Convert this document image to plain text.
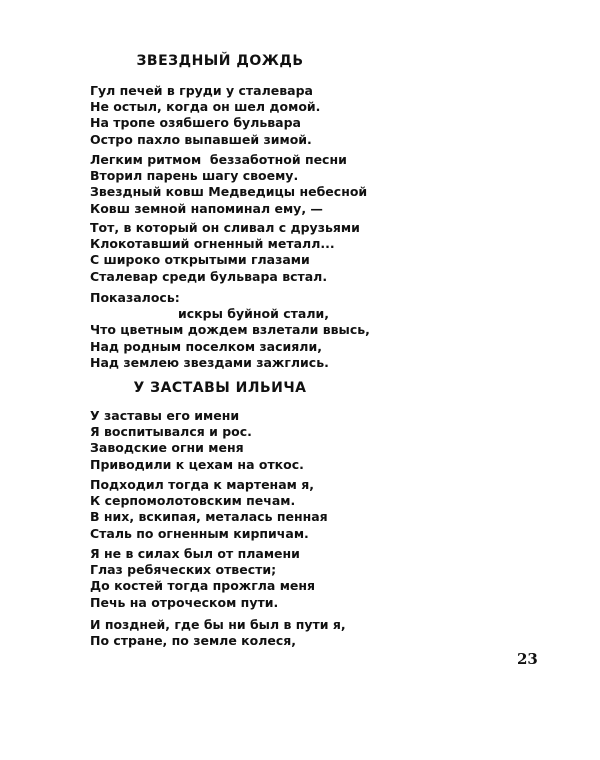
ЗВЕЗДНЫЙ ДОЖДЬ

Гул печей в груди у сталевара
Не остыл, когда он шел домой.
На тропе озябшего бульвара
Остро пахло выпавшей зимой.

Легким ритмом  беззаботной песни
Вторил парень шагу своему.
Звездный ковш Медведицы небесной
Ковш земной напоминал ему, —

Тот, в который он сливал с друзьями
Клокотавший огненный металл...
С широко открытыми глазами
Сталевар среди бульвара встал.

Показалось:
искры буйной стали,
Что цветным дождем взлетали ввысь,
Над родным поселком засияли,
Над землею звездами зажглись.

У ЗАСТАВЫ ИЛЬИЧА

У заставы его имени
Я воспитывался и рос.
Заводские огни меня
Приводили к цехам на откос.

Подходил тогда к мартенам я,
К серпомолотовским печам.
В них, вскипая, металась пенная
Сталь по огненным кирпичам.

Я не в силах был от пламени
Глаз ребяческих отвести;
До костей тогда прожгла меня
Печь на отроческом пути.

И поздней, где бы ни был в пути я,
По стране, по земле колеся,

23
